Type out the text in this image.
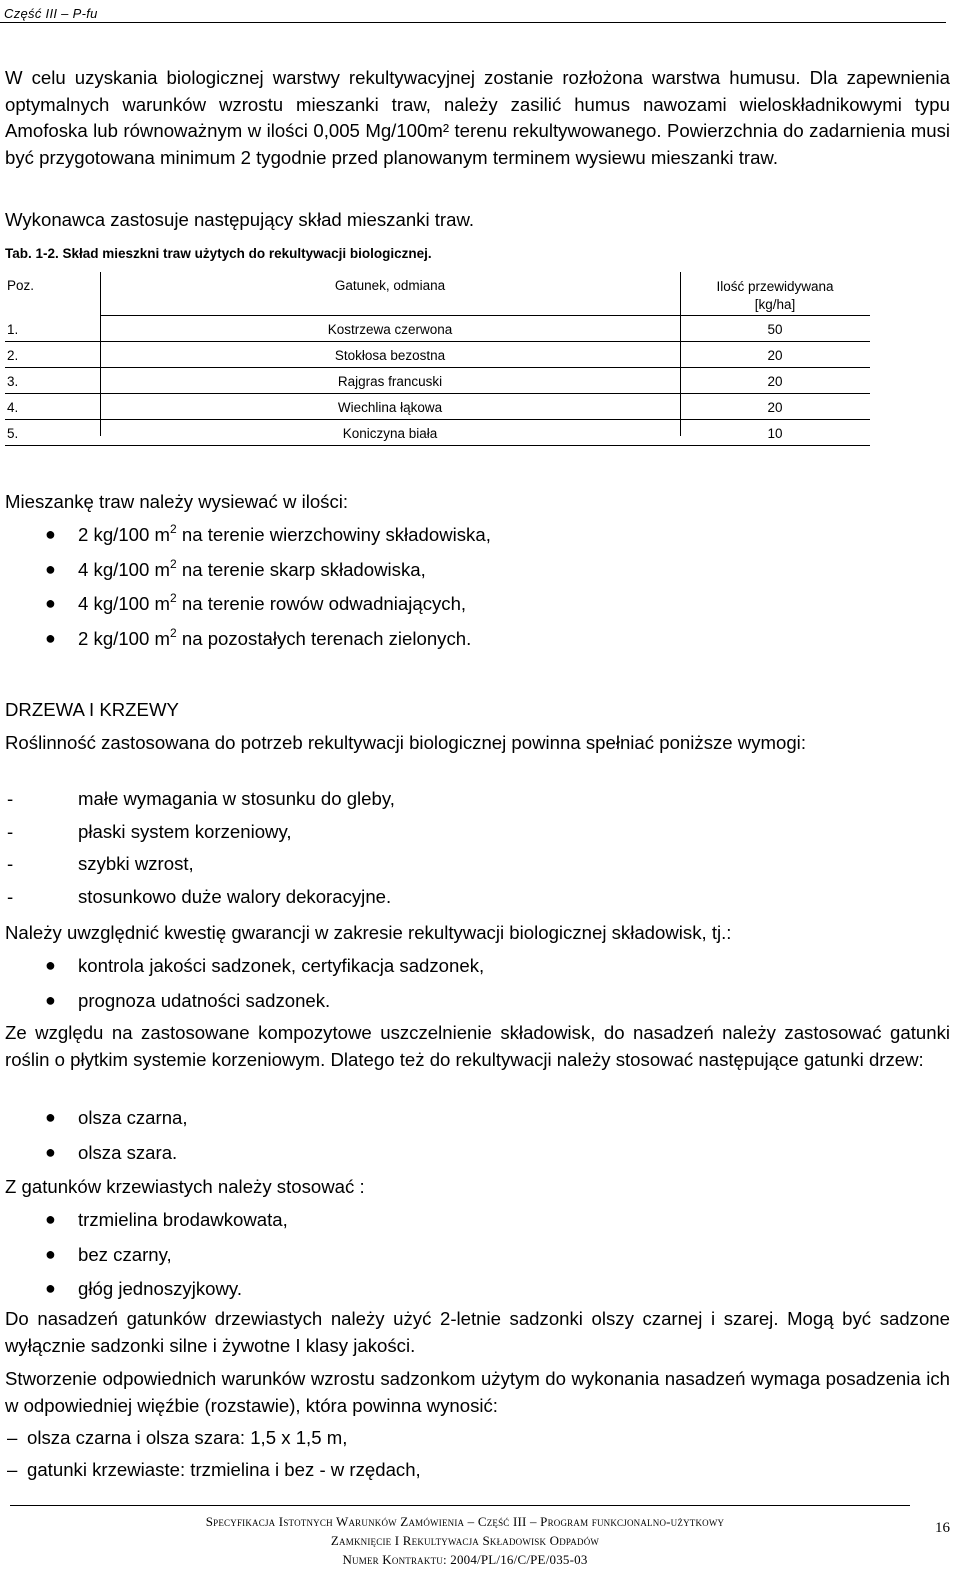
Część III – P-fu
W celu uzyskania biologicznej warstwy rekultywacyjnej zostanie rozłożona warstwa humusu. Dla zapewnienia optymalnych warunków wzrostu mieszanki traw, należy zasilić humus nawozami wieloskładnikowymi typu Amofoska lub równoważnym w ilości 0,005 Mg/100m² terenu rekultywowanego. Powierzchnia do zadarnienia musi być przygotowana minimum 2 tygodnie przed planowanym terminem wysiewu mieszanki traw.
Wykonawca zastosuje następujący skład mieszanki traw.
Tab. 1-2. Skład mieszkni traw użytych do rekultywacji biologicznej.
Poz.	Gatunek, odmiana	Ilość przewidywana
[kg/ha]
1.	Kostrzewa czerwona	50
2.	Stokłosa bezostna	20
3.	Rajgras francuski	20
4.	Wiechlina łąkowa	20
5.	Koniczyna biała	10
Mieszankę traw należy wysiewać w ilości:
● 2 kg/100 $m^2$ na terenie wierzchowiny składowiska,
● 4 kg/100 $m^2$ na terenie skarp składowiska,
● 4 kg/100 $m^2$ na terenie rowów odwadniających,
● 2 kg/100 $m^2$ na pozostałych terenach zielonych.
DRZEWA I KRZEWY
Roślinność zastosowana do potrzeb rekultywacji biologicznej powinna spełniać poniższe wymogi:
-	małe wymagania w stosunku do gleby,
-	płaski system korzeniowy,
-	szybki wzrost,
-	stosunkowo duże walory dekoracyjne.
Należy uwzględnić kwestię gwarancji w zakresie rekultywacji biologicznej składowisk, tj.:
● kontrola jakości sadzonek, certyfikacja sadzonek,
● prognoza udatności sadzonek.
Ze względu na zastosowane kompozytowe uszczelnienie składowisk, do nasadzeń należy zastosować gatunki roślin o płytkim systemie korzeniowym. Dlatego też do rekultywacji należy stosować następujące gatunki drzew:
● olsza czarna,
● olsza szara.
Z gatunków krzewiastych należy stosować :
● trzmielina brodawkowata,
● bez czarny,
● głóg jednoszyjkowy.
Do nasadzeń gatunków drzewiastych należy użyć 2-letnie sadzonki olszy czarnej i szarej. Mogą być sadzone wyłącznie sadzonki silne i żywotne I klasy jakości.
Stworzenie odpowiednich warunków wzrostu sadzonkom użytym do wykonania nasadzeń wymaga posadzenia ich w odpowiedniej więźbie (rozstawie), która powinna wynosić:
– olsza czarna i olsza szara: 1,5 x 1,5 m,
– gatunki krzewiaste: trzmielina i bez - w rzędach,
Specyfikacja Istotnych Warunków Zamówienia – Część III – Program funkcjonalno-użytkowy
Zamknięcie I Rekultywacja Składowisk Odpadów
Numer Kontraktu: 2004/PL/16/C/PE/035-03
16
